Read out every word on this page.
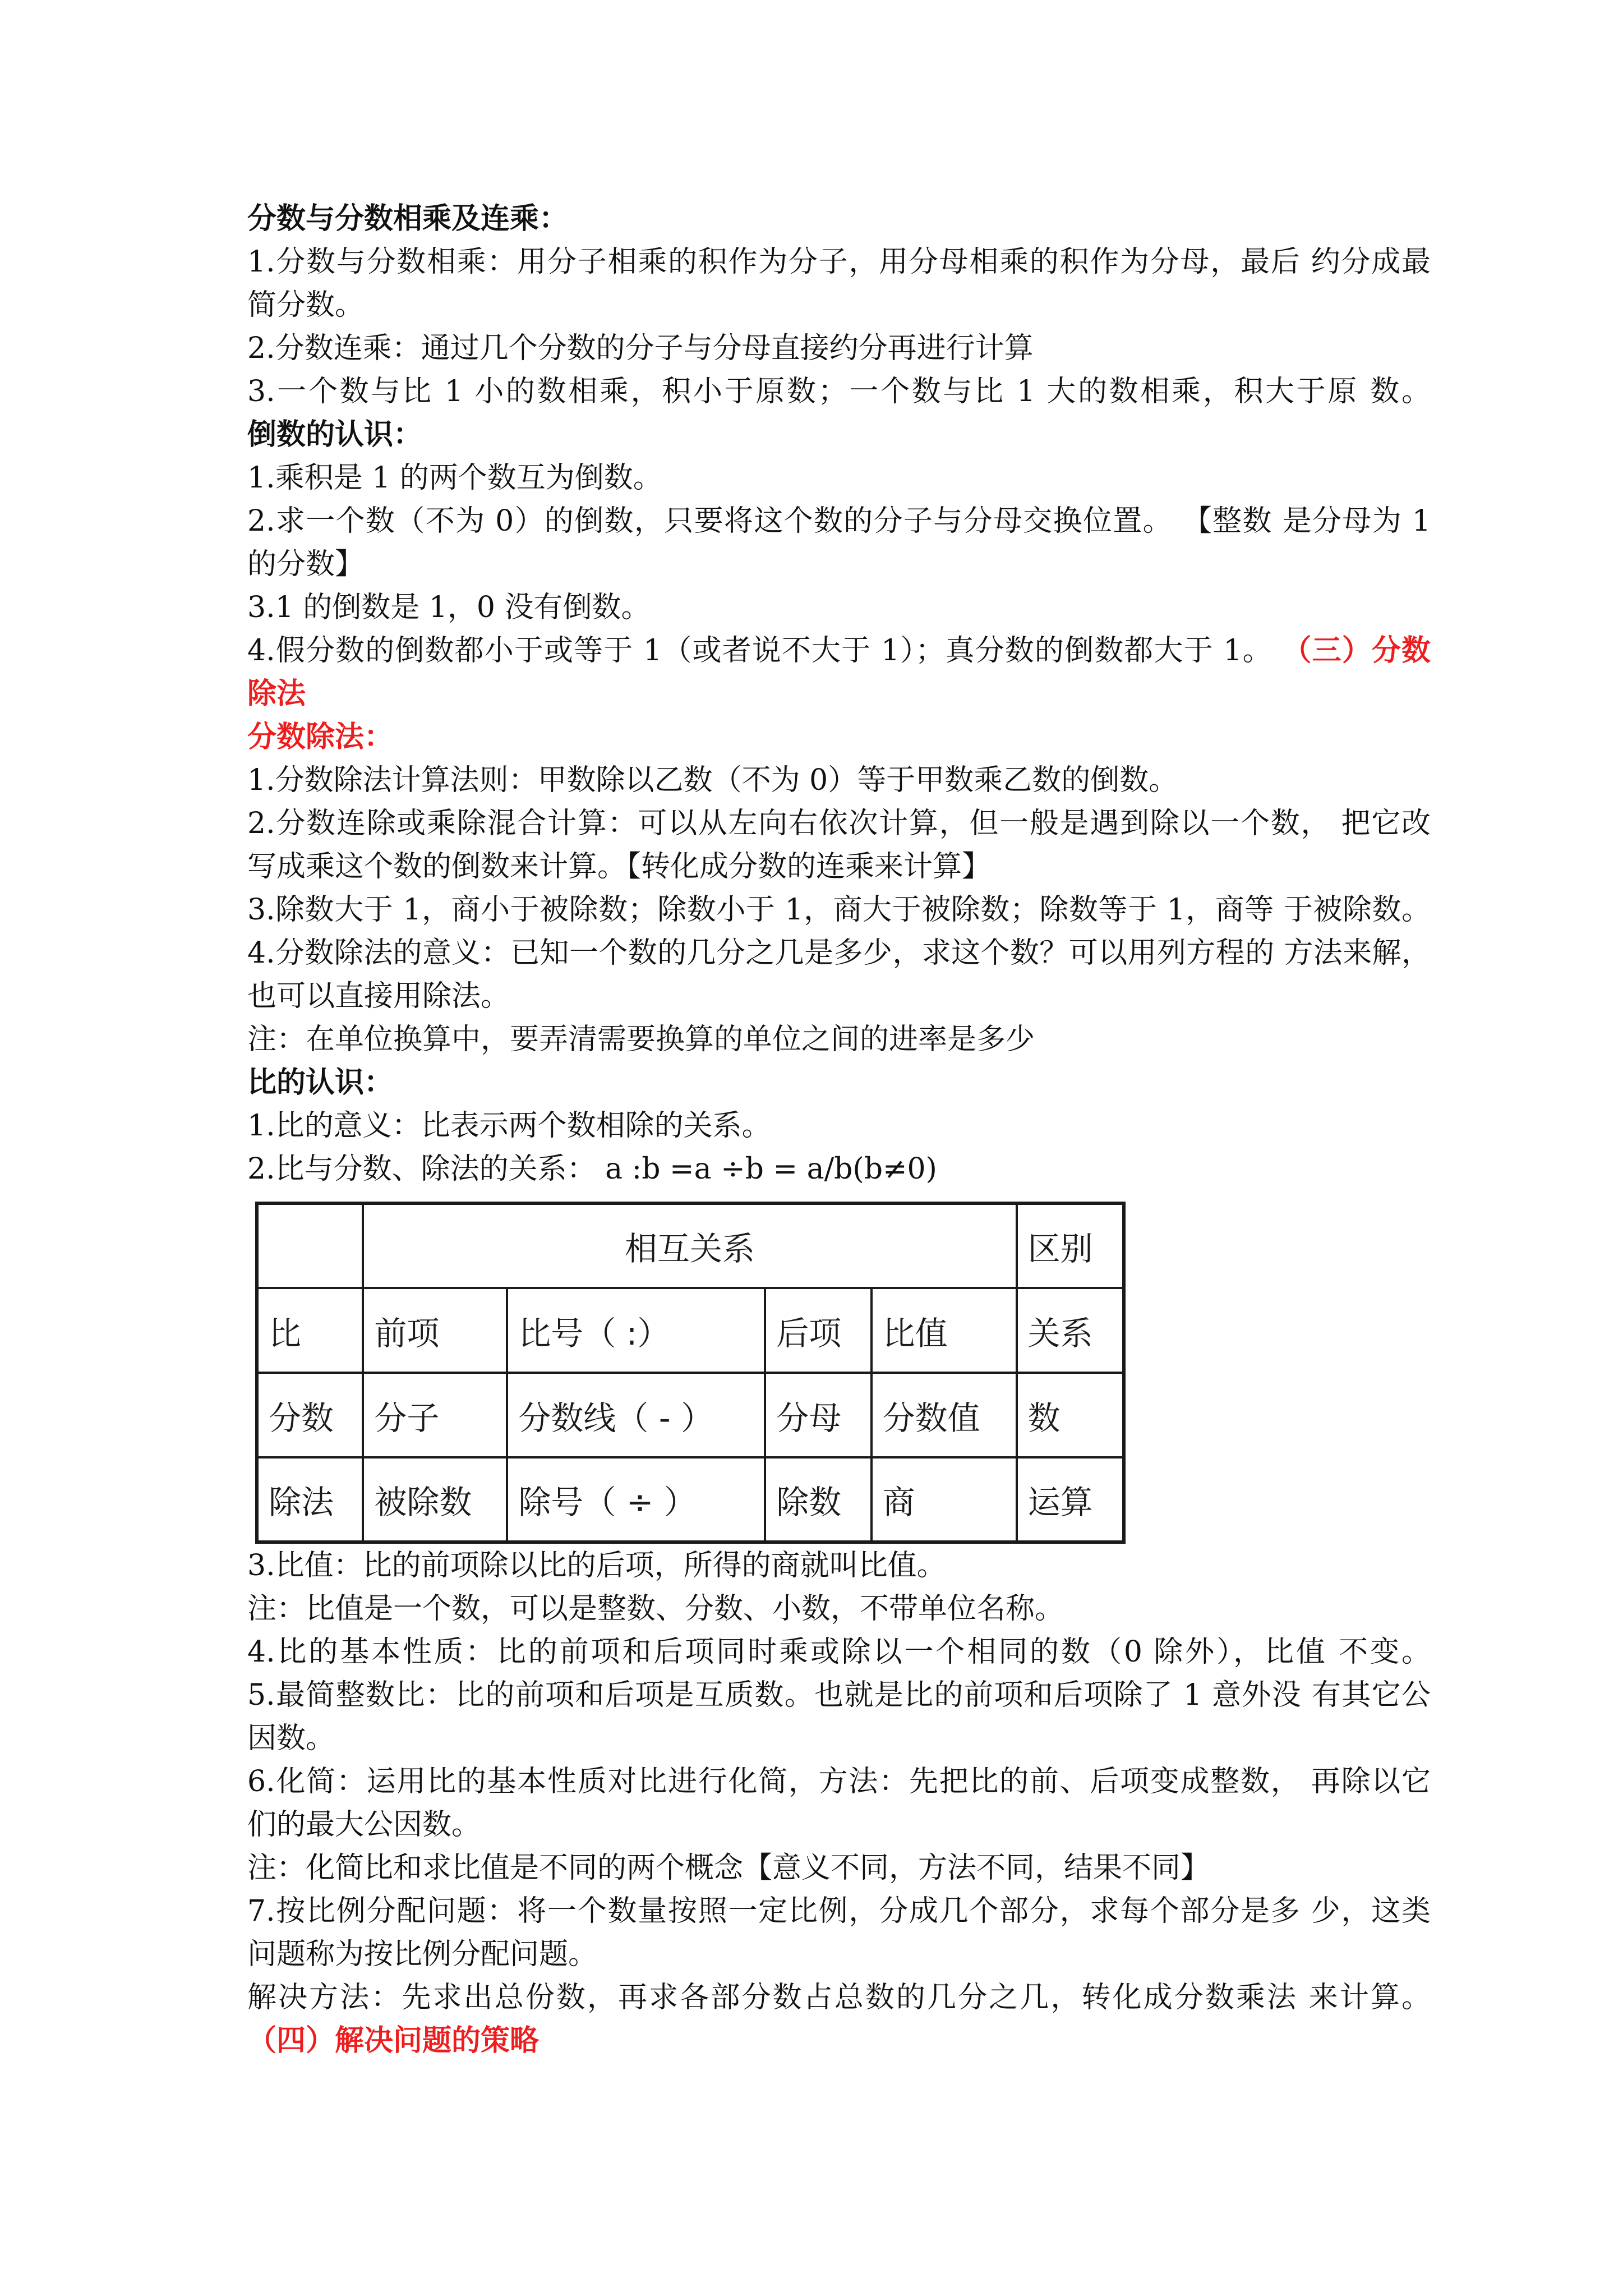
分数与分数相乘及连乘：
1.分数与分数相乘：用分子相乘的积作为分子，用分母相乘的积作为分母，最后 约分成最
简分数。
2.分数连乘：通过几个分数的分子与分母直接约分再进行计算
3.一个数与比 1 小的数相乘，积小于原数；一个数与比 1 大的数相乘，积大于原 数。
倒数的认识：
1.乘积是 1 的两个数互为倒数。
2.求一个数（不为 0）的倒数，只要将这个数的分子与分母交换位置。 【整数 是分母为 1
的分数】
3.1 的倒数是 1，0 没有倒数。
4.假分数的倒数都小于或等于 1（或者说不大于 1）；真分数的倒数都大于 1。 （三）分数
除法
分数除法：
1.分数除法计算法则：甲数除以乙数（不为 0）等于甲数乘乙数的倒数。
2.分数连除或乘除混合计算：可以从左向右依次计算，但一般是遇到除以一个数， 把它改
写成乘这个数的倒数来计算。【转化成分数的连乘来计算】
3.除数大于 1，商小于被除数；除数小于 1，商大于被除数；除数等于 1，商等 于被除数。
4.分数除法的意义：已知一个数的几分之几是多少，求这个数？可以用列方程的 方法来解，
也可以直接用除法。
注：在单位换算中，要弄清需要换算的单位之间的进率是多少
比的认识：
1.比的意义：比表示两个数相除的关系。
2.比与分数、除法的关系： a :b =a ÷b = a/b(b≠0)
	相互关系				区别
比	前项	比号（ :）	后项	比值	关系
分数	分子	分数线（ - ）	分母	分数值	数
除法	被除数	除号（ ÷ ）	除数	商	运算
3.比值：比的前项除以比的后项，所得的商就叫比值。
注：比值是一个数，可以是整数、分数、小数，不带单位名称。
4.比的基本性质：比的前项和后项同时乘或除以一个相同的数（0 除外），比值 不变。
5.最简整数比：比的前项和后项是互质数。也就是比的前项和后项除了 1 意外没 有其它公
因数。
6.化简：运用比的基本性质对比进行化简，方法：先把比的前、后项变成整数， 再除以它
们的最大公因数。
注：化简比和求比值是不同的两个概念【意义不同，方法不同，结果不同】
7.按比例分配问题：将一个数量按照一定比例，分成几个部分，求每个部分是多 少，这类
问题称为按比例分配问题。
解决方法：先求出总份数，再求各部分数占总数的几分之几，转化成分数乘法 来计算。
（四）解决问题的策略
